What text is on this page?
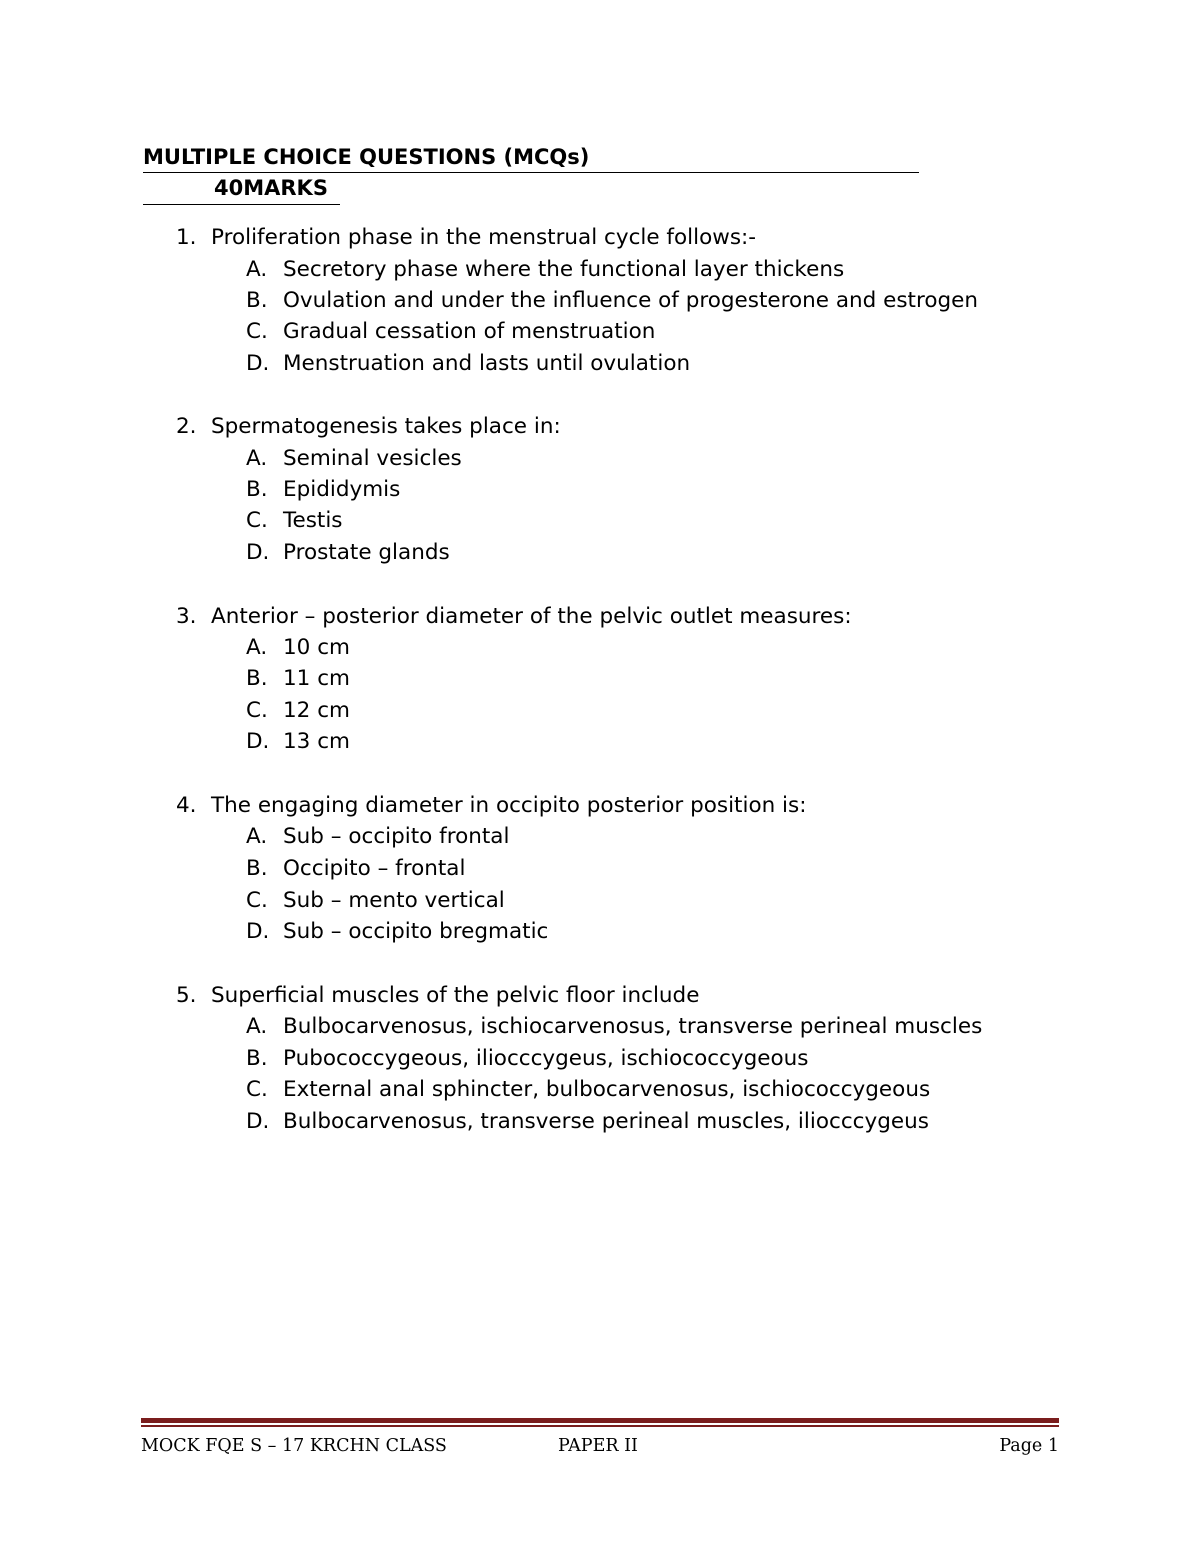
MULTIPLE CHOICE QUESTIONS (MCQs)
40MARKS
1. Proliferation phase in the menstrual cycle follows:-
A. Secretory phase where the functional layer thickens
B. Ovulation and under the influence of progesterone and estrogen
C. Gradual cessation of menstruation
D. Menstruation and lasts until ovulation
2. Spermatogenesis takes place in:
A. Seminal vesicles
B. Epididymis
C. Testis
D. Prostate glands
3. Anterior – posterior diameter of the pelvic outlet measures:
A. 10 cm
B. 11 cm
C. 12 cm
D. 13 cm
4. The engaging diameter in occipito posterior position is:
A. Sub – occipito frontal
B. Occipito – frontal
C. Sub – mento vertical
D. Sub – occipito bregmatic
5. Superficial muscles of the pelvic floor include
A. Bulbocarvenosus, ischiocarvenosus, transverse perineal muscles
B. Pubococcygeous, iliocccygeus, ischiococcygeous
C. External anal sphincter, bulbocarvenosus, ischiococcygeous
D. Bulbocarvenosus, transverse perineal muscles, iliocccygeus
MOCK FQE S – 17 KRCHN CLASS	PAPER II	Page 1
